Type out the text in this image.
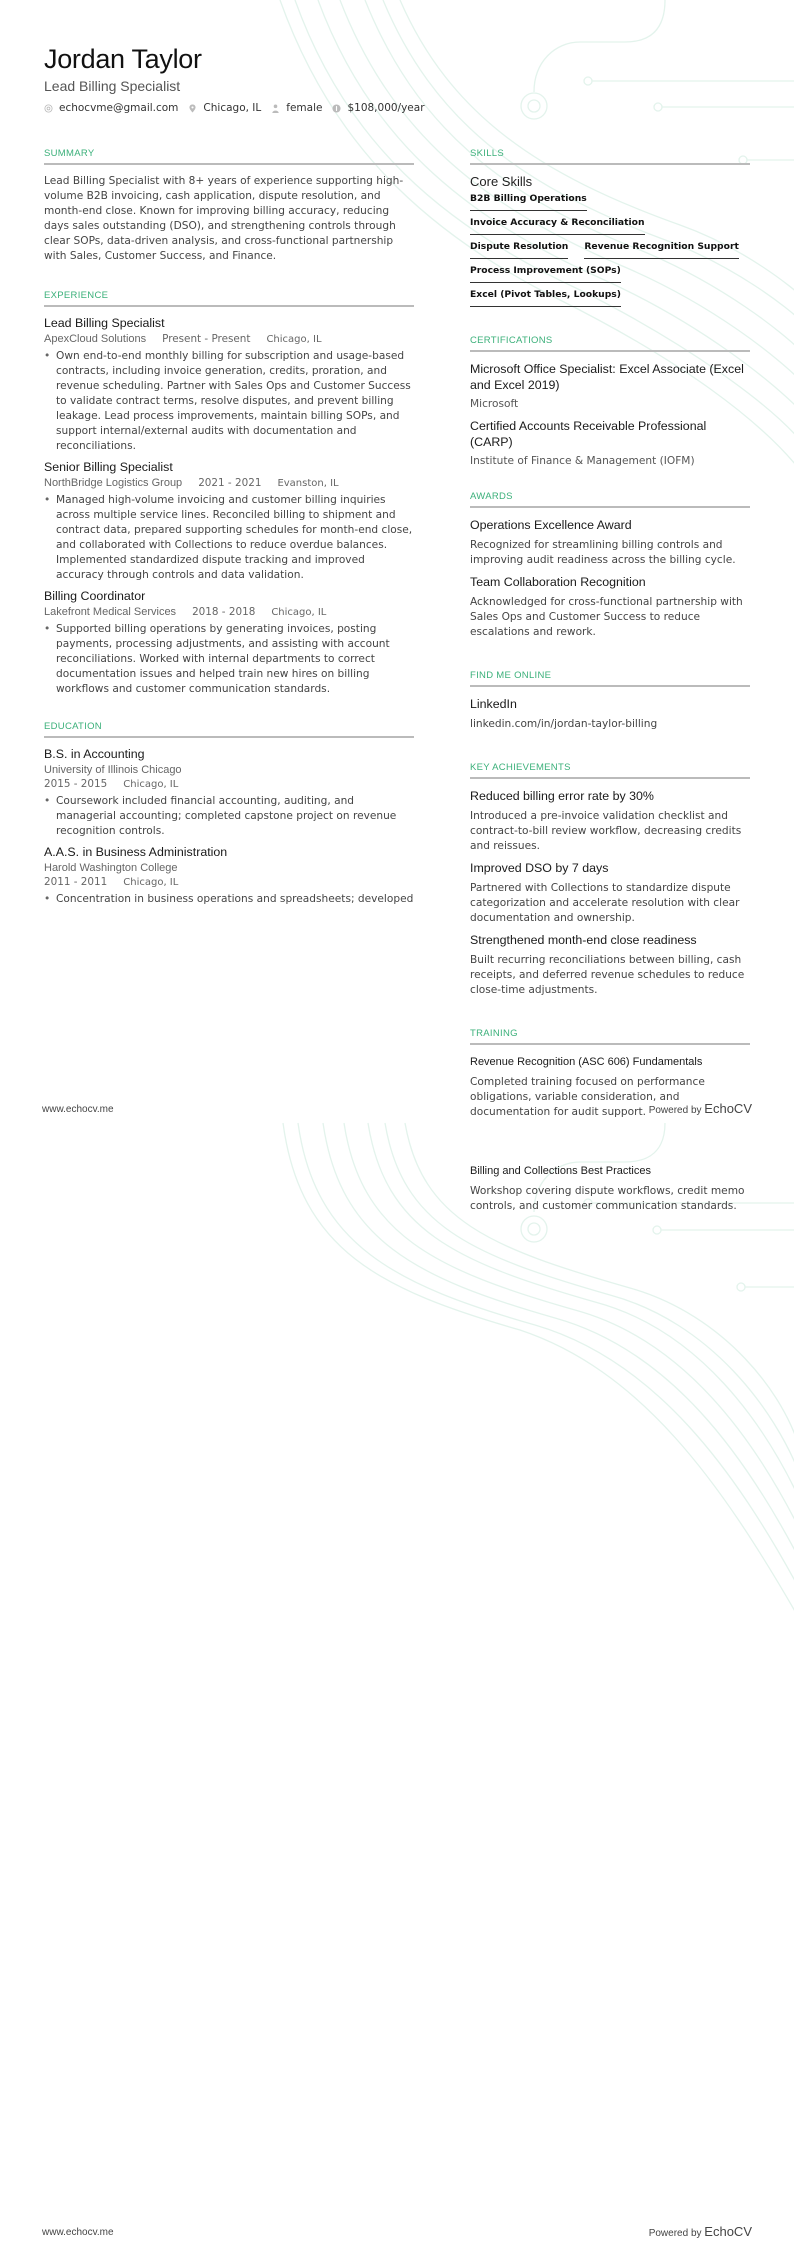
Jordan Taylor
Lead Billing Specialist
echocvme@gmail.com Chicago, IL female $108,000/year
SUMMARY

Lead Billing Specialist with 8+ years of experience supporting high-volume B2B invoicing, cash application, dispute resolution, and month-end close. Known for improving billing accuracy, reducing days sales outstanding (DSO), and strengthening controls through clear SOPs, data-driven analysis, and cross-functional partnership with Sales, Customer Success, and Finance.

EXPERIENCE
Lead Billing Specialist
ApexCloud Solutions Present - Present Chicago, IL
• Own end-to-end monthly billing for subscription and usage-based contracts, including invoice generation, credits, proration, and revenue scheduling. Partner with Sales Ops and Customer Success to validate contract terms, resolve disputes, and prevent billing leakage. Lead process improvements, maintain billing SOPs, and support internal/external audits with documentation and reconciliations.
Senior Billing Specialist
NorthBridge Logistics Group 2021 - 2021 Evanston, IL
• Managed high-volume invoicing and customer billing inquiries across multiple service lines. Reconciled billing to shipment and contract data, prepared supporting schedules for month-end close, and collaborated with Collections to reduce overdue balances. Implemented standardized dispute tracking and improved accuracy through controls and data validation.
Billing Coordinator
Lakefront Medical Services 2018 - 2018 Chicago, IL
• Supported billing operations by generating invoices, posting payments, processing adjustments, and assisting with account reconciliations. Worked with internal departments to correct documentation issues and helped train new hires on billing workflows and customer communication standards.
EDUCATION
B.S. in Accounting
University of Illinois Chicago
2015 - 2015 Chicago, IL
• Coursework included financial accounting, auditing, and managerial accounting; completed capstone project on revenue recognition controls.
A.A.S. in Business Administration
Harold Washington College
2011 - 2011 Chicago, IL
• Concentration in business operations and spreadsheets; developed
SKILLS
Core Skills
B2B Billing Operations
Invoice Accuracy & Reconciliation
Dispute Resolution Revenue Recognition Support
Process Improvement (SOPs)
Excel (Pivot Tables, Lookups)
CERTIFICATIONS
Microsoft Office Specialist: Excel Associate (Excel and Excel 2019)
Microsoft
Certified Accounts Receivable Professional (CARP)
Institute of Finance & Management (IOFM)
AWARDS
Operations Excellence Award
Recognized for streamlining billing controls and improving audit readiness across the billing cycle.
Team Collaboration Recognition
Acknowledged for cross-functional partnership with Sales Ops and Customer Success to reduce escalations and rework.
FIND ME ONLINE
LinkedIn
linkedin.com/in/jordan-taylor-billing
KEY ACHIEVEMENTS
Reduced billing error rate by 30%
Introduced a pre-invoice validation checklist and contract-to-bill review workflow, decreasing credits and reissues.
Improved DSO by 7 days
Partnered with Collections to standardize dispute categorization and accelerate resolution with clear documentation and ownership.
Strengthened month-end close readiness
Built recurring reconciliations between billing, cash receipts, and deferred revenue schedules to reduce close-time adjustments.
TRAINING
Revenue Recognition (ASC 606) Fundamentals
Completed training focused on performance obligations, variable consideration, and documentation for audit support.
www.echocv.me	Powered by EchoCV
Billing and Collections Best Practices
Workshop covering dispute workflows, credit memo controls, and customer communication standards.
www.echocv.me	Powered by EchoCV
